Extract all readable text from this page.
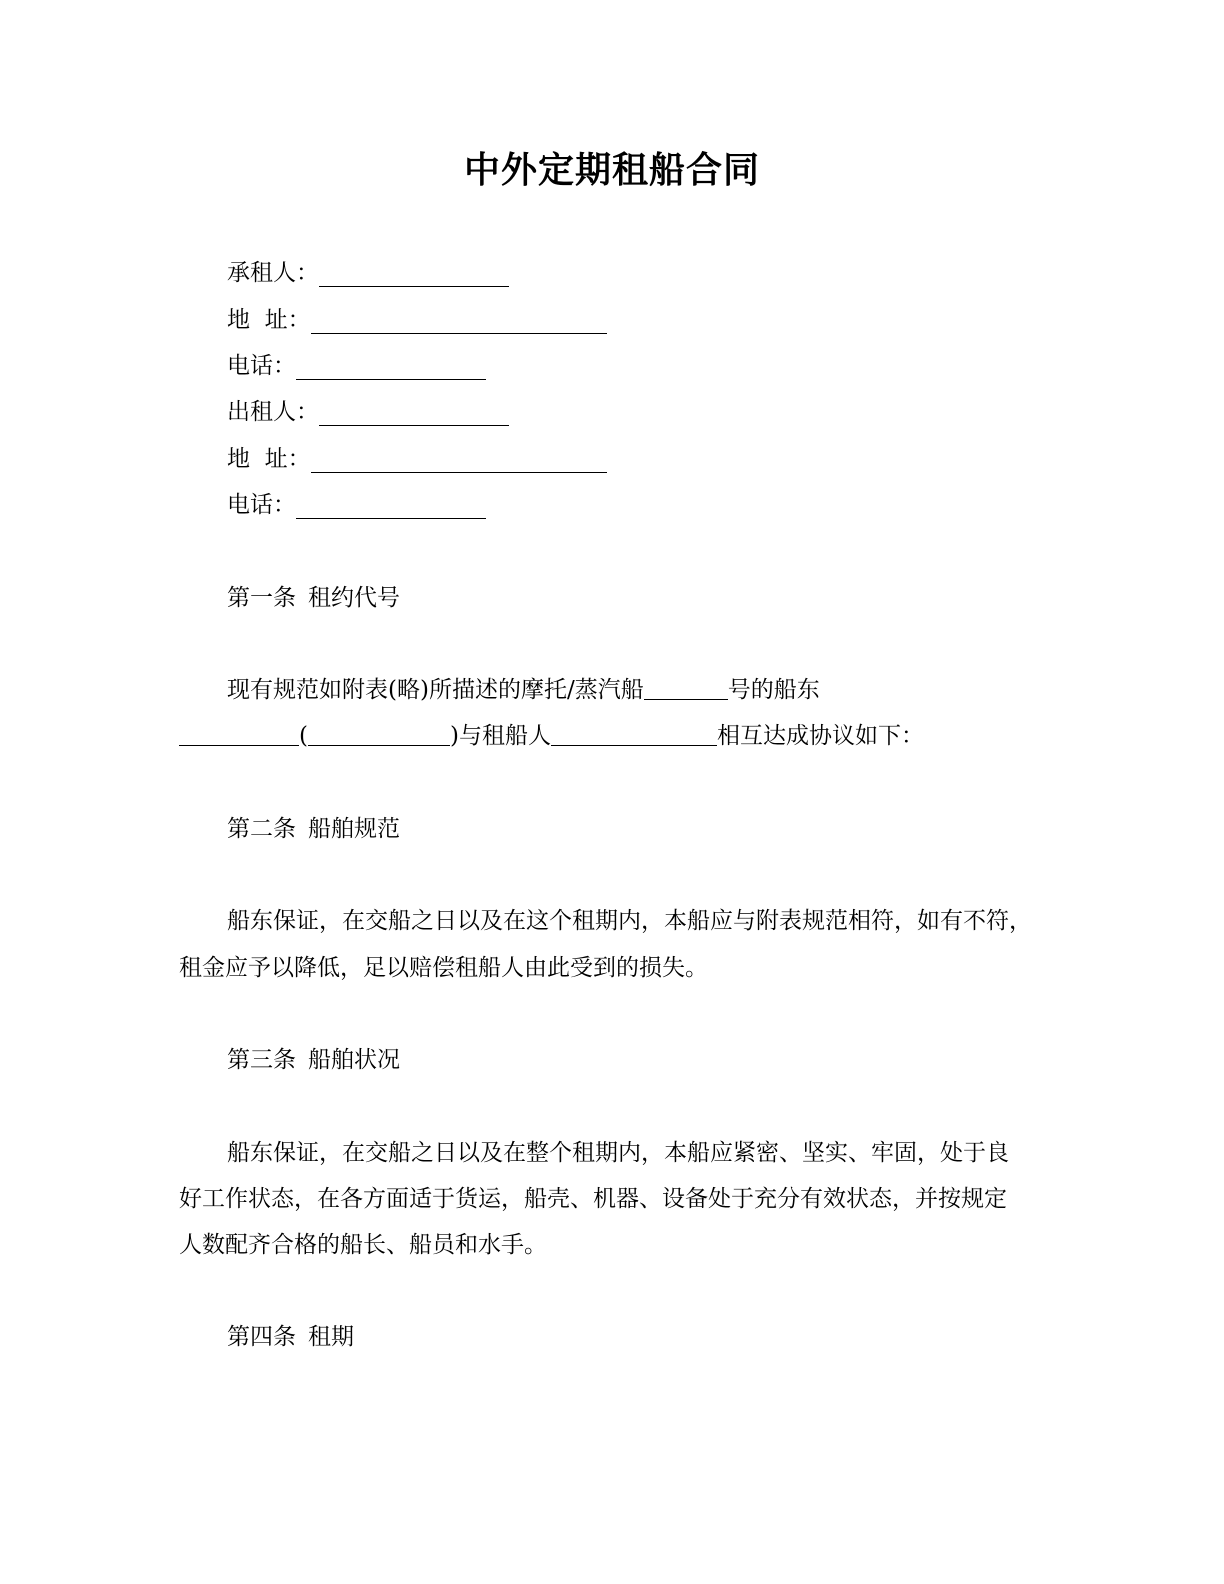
中外定期租船合同
承租人：
地  址：
电话：
出租人：
地  址：
电话：
第一条 租约代号
现有规范如附表(略)所描述的摩托/蒸汽船	号的船东
(	)与租船人	相互达成协议如下：
第二条 船舶规范
船东保证，在交船之日以及在这个租期内，本船应与附表规范相符，如有不符，
租金应予以降低，足以赔偿租船人由此受到的损失。
第三条 船舶状况
船东保证，在交船之日以及在整个租期内，本船应紧密、坚实、牢固，处于良
好工作状态，在各方面适于货运，船壳、机器、设备处于充分有效状态，并按规定
人数配齐合格的船长、船员和水手。
第四条 租期
